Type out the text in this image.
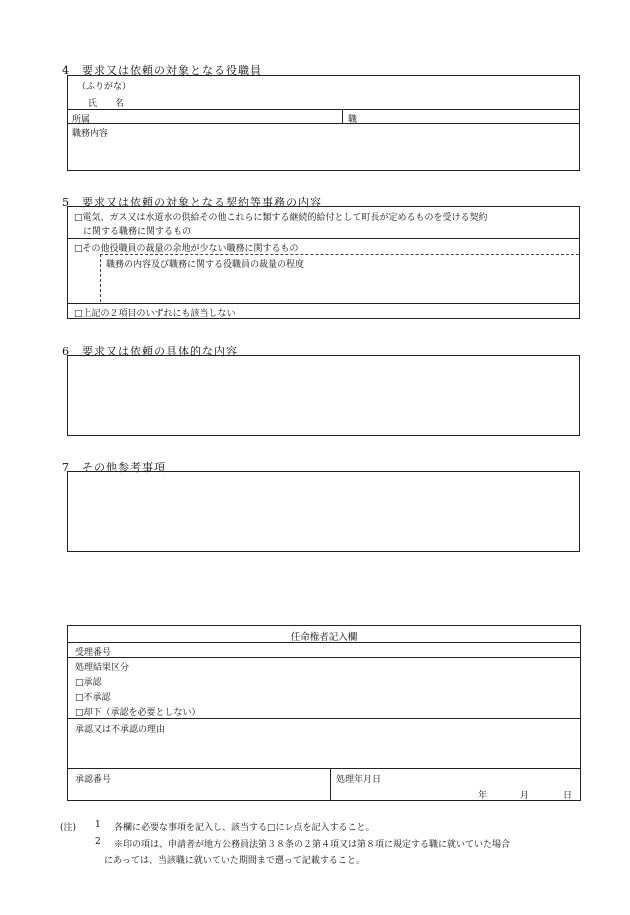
4　要求又は依頼の対象となる役職員
（ふりがな）
氏　　名
所属	職
職務内容
5　要求又は依頼の対象となる契約等事務の内容
□電気、ガス又は水道水の供給その他これらに類する継続的給付として町長が定めるものを受ける契約
　に関する職務に関するもの
□その他役職員の裁量の余地が少ない職務に関するもの
職務の内容及び職務に関する役職員の裁量の程度
□上記の２項目のいずれにも該当しない
6　要求又は依頼の具体的な内容
7　その他参考事項
任命権者記入欄
受理番号
処理結果区分
□承認
□不承認
□却下（承認を必要としない）
承認又は不承認の理由
承認番号	処理年月日
年	月	日
(注) 1 各欄に必要な事項を記入し、該当する□にレ点を記入すること。
2 ※印の項は、申請者が地方公務員法第３８条の２第４項又は第８項に規定する職に就いていた場合
にあっては、当該職に就いていた期間まで遡って記載すること。
